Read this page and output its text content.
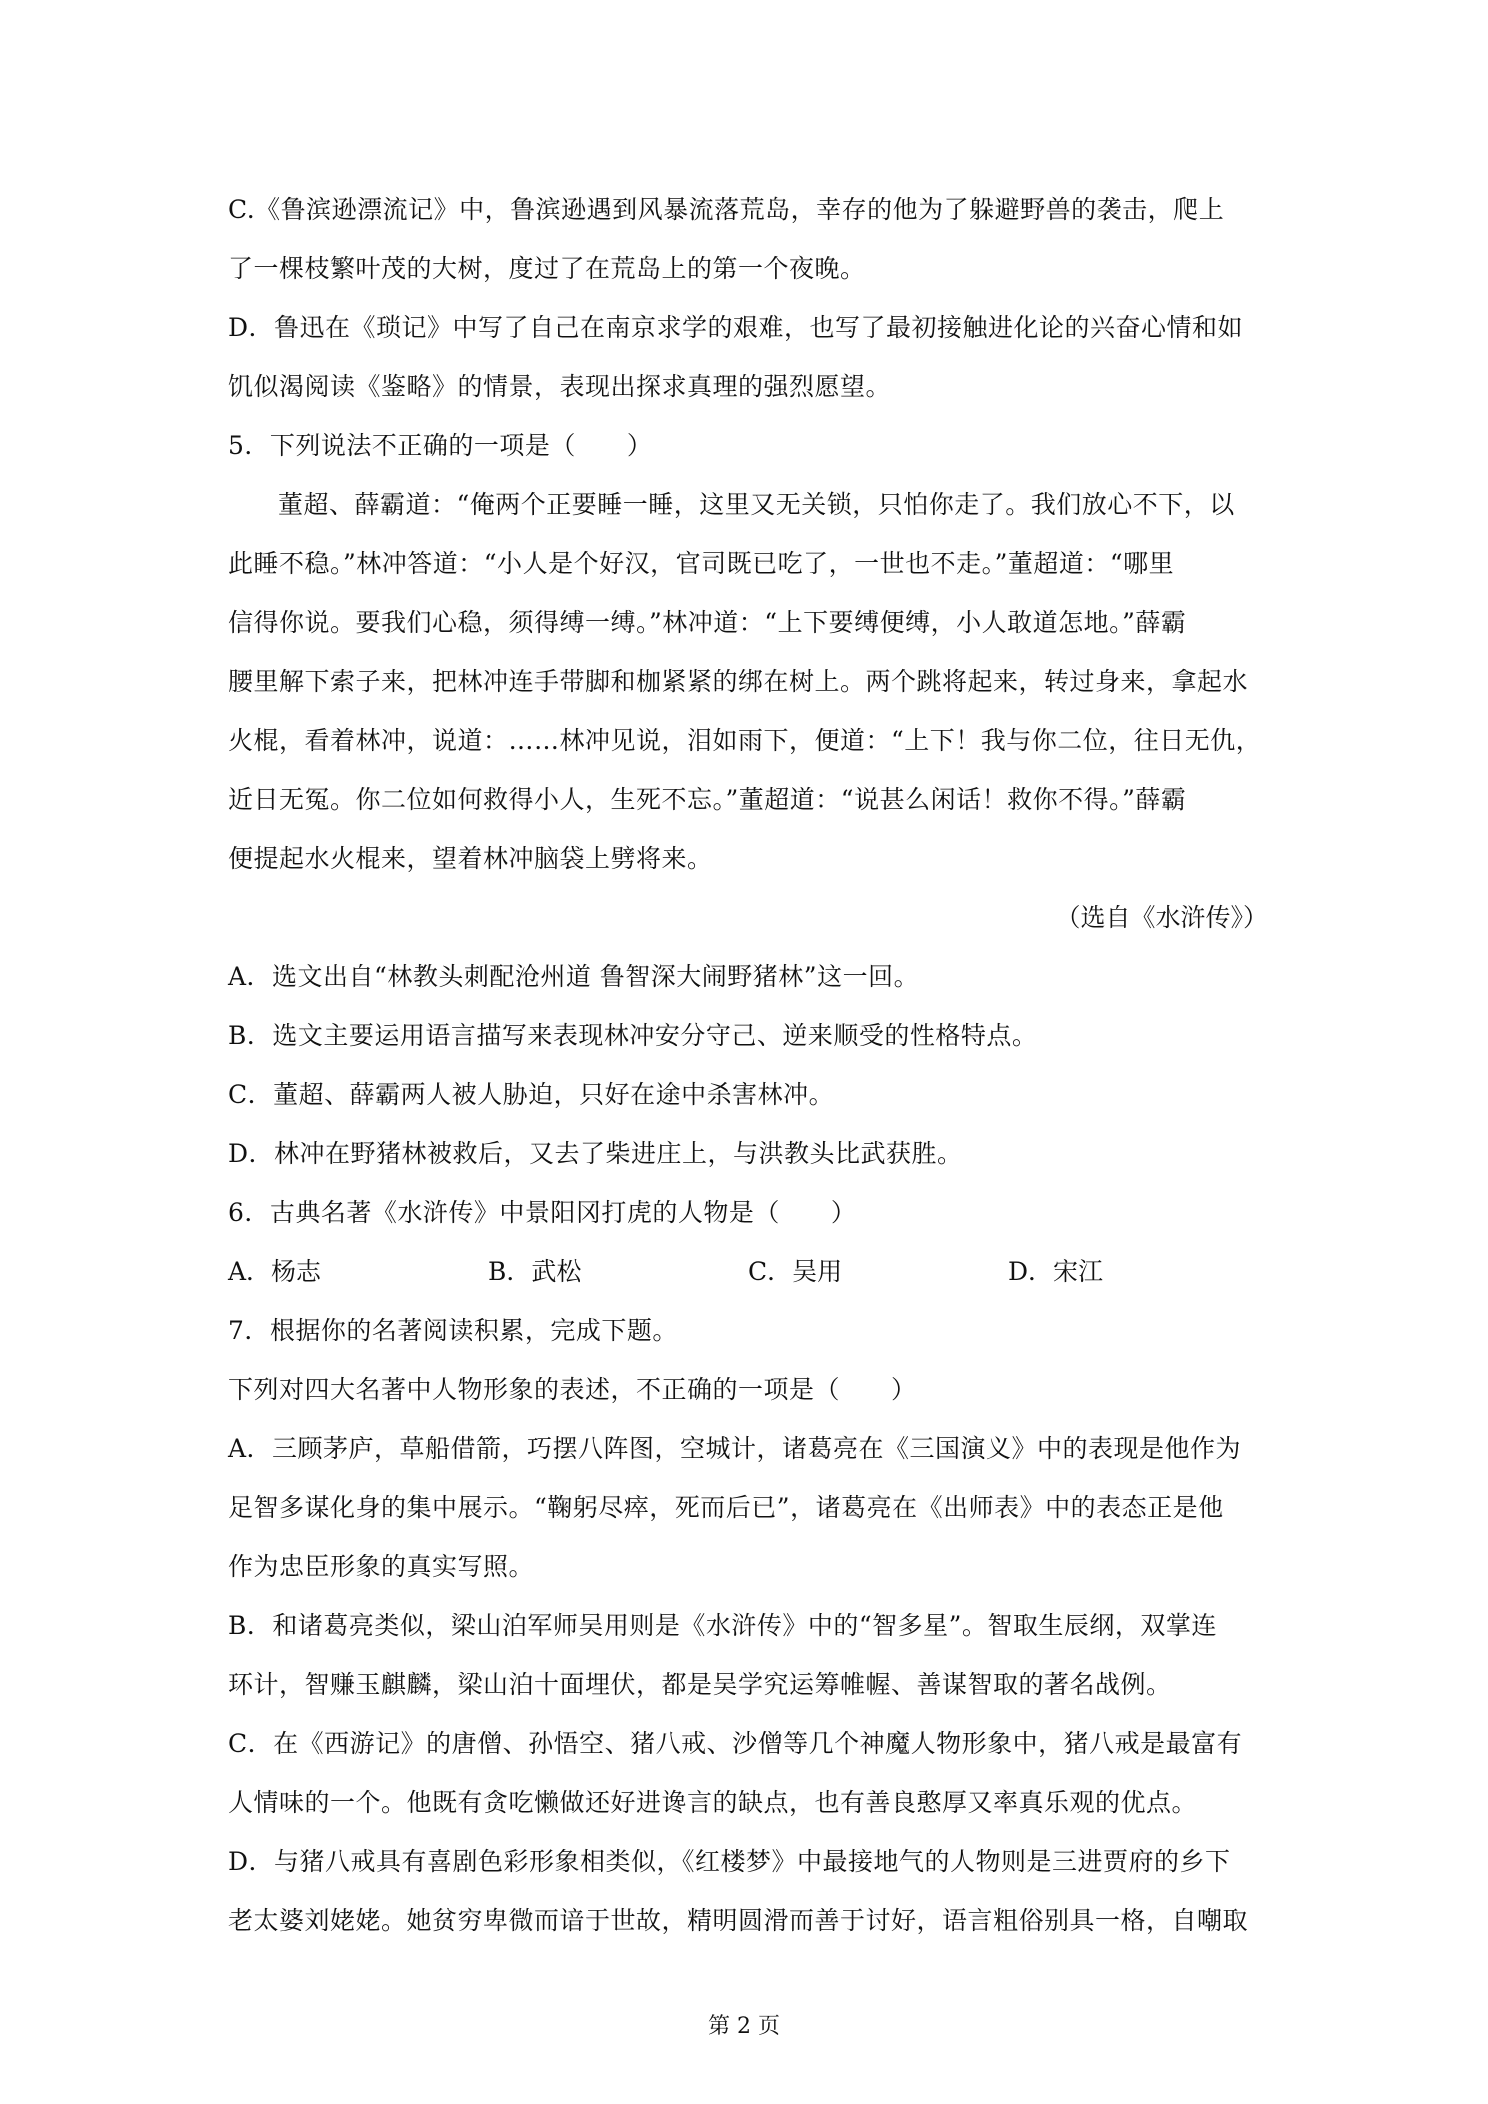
C.《鲁滨逊漂流记》中，鲁滨逊遇到风暴流落荒岛，幸存的他为了躲避野兽的袭击，爬上
了一棵枝繁叶茂的大树，度过了在荒岛上的第一个夜晚。
D．鲁迅在《琐记》中写了自己在南京求学的艰难，也写了最初接触进化论的兴奋心情和如
饥似渴阅读《鉴略》的情景，表现出探求真理的强烈愿望。
5．下列说法不正确的一项是（　　）
董超、薛霸道：“俺两个正要睡一睡，这里又无关锁，只怕你走了。我们放心不下，以
此睡不稳。”林冲答道：“小人是个好汉，官司既已吃了，一世也不走。”董超道：“哪里
信得你说。要我们心稳，须得缚一缚。”林冲道：“上下要缚便缚，小人敢道怎地。”薛霸
腰里解下索子来，把林冲连手带脚和枷紧紧的绑在树上。两个跳将起来，转过身来，拿起水
火棍，看着林冲，说道：……林冲见说，泪如雨下，便道：“上下！我与你二位，往日无仇，
近日无冤。你二位如何救得小人，生死不忘。”董超道：“说甚么闲话！救你不得。”薛霸
便提起水火棍来，望着林冲脑袋上劈将来。
（选自《水浒传》）
A．选文出自“林教头刺配沧州道 鲁智深大闹野猪林”这一回。
B．选文主要运用语言描写来表现林冲安分守己、逆来顺受的性格特点。
C．董超、薛霸两人被人胁迫，只好在途中杀害林冲。
D．林冲在野猪林被救后，又去了柴进庄上，与洪教头比武获胜。
6．古典名著《水浒传》中景阳冈打虎的人物是（　　）
A．杨志	B．武松	C．吴用	D．宋江
7．根据你的名著阅读积累，完成下题。
下列对四大名著中人物形象的表述，不正确的一项是（　　）
A．三顾茅庐，草船借箭，巧摆八阵图，空城计，诸葛亮在《三国演义》中的表现是他作为
足智多谋化身的集中展示。“鞠躬尽瘁，死而后已”，诸葛亮在《出师表》中的表态正是他
作为忠臣形象的真实写照。
B．和诸葛亮类似，梁山泊军师吴用则是《水浒传》中的“智多星”。智取生辰纲，双掌连
环计，智赚玉麒麟，梁山泊十面埋伏，都是吴学究运筹帷幄、善谋智取的著名战例。
C．在《西游记》的唐僧、孙悟空、猪八戒、沙僧等几个神魔人物形象中，猪八戒是最富有
人情味的一个。他既有贪吃懒做还好进谗言的缺点，也有善良憨厚又率真乐观的优点。
D．与猪八戒具有喜剧色彩形象相类似，《红楼梦》中最接地气的人物则是三进贾府的乡下
老太婆刘姥姥。她贫穷卑微而谙于世故，精明圆滑而善于讨好，语言粗俗别具一格，自嘲取
第 2 页
